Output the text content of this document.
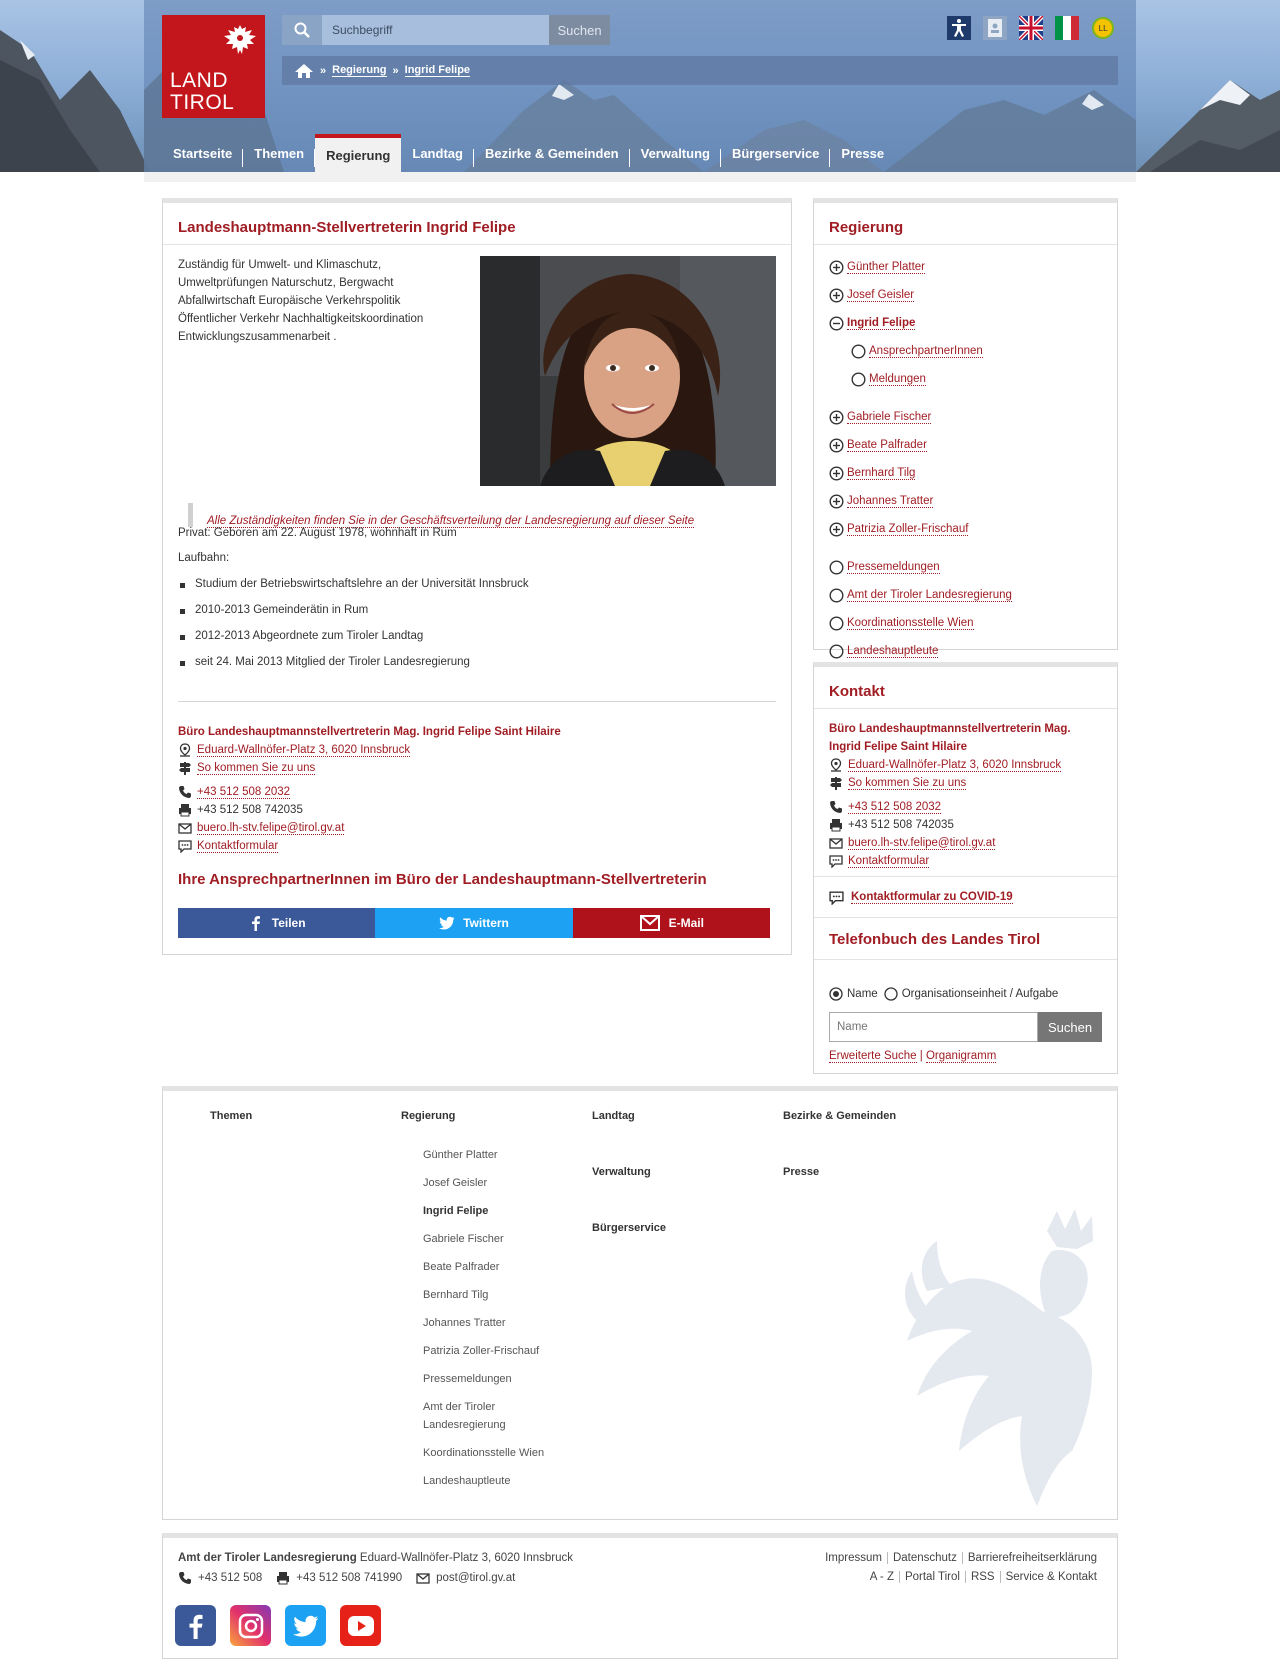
LAND
TIROL
Suchbegriff
Suchen	LL
» Regierung » Ingrid Felipe
Startseite	Themen	Regierung	Landtag	Bezirke & Gemeinden	Verwaltung	Bürgerservice	Presse
Landeshauptmann-Stellvertreterin Ingrid Felipe

Zuständig für Umwelt- und Klimaschutz, Umweltprüfungen Naturschutz, Bergwacht Abfallwirtschaft Europäische Verkehrspolitik Öffentlicher Verkehr Nachhaltigkeitskoordination Entwicklungszusammenarbeit .

Alle Zuständigkeiten finden Sie in der Geschäftsverteilung der Landesregierung auf dieser Seite

Privat: Geboren am 22. August 1978, wohnhaft in Rum

Laufbahn:

Studium der Betriebswirtschaftslehre an der Universität Innsbruck
2010-2013 Gemeinderätin in Rum
2012-2013 Abgeordnete zum Tiroler Landtag
seit 24. Mai 2013 Mitglied der Tiroler Landesregierung
Büro Landeshauptmannstellvertreterin Mag. Ingrid Felipe Saint Hilaire
Eduard-Wallnöfer-Platz 3, 6020 Innsbruck
So kommen Sie zu uns
+43 512 508 2032
+43 512 508 742035
buero.lh-stv.felipe@tirol.gv.at
Kontaktformular
Ihre AnsprechpartnerInnen im Büro der Landeshauptmann-Stellvertreterin
Teilen	Twittern	E-Mail
Regierung
Günther Platter
Josef Geisler
Ingrid Felipe
AnsprechpartnerInnen
Meldungen
Gabriele Fischer
Beate Palfrader
Bernhard Tilg
Johannes Tratter
Patrizia Zoller-Frischauf
Pressemeldungen
Amt der Tiroler Landesregierung
Koordinationsstelle Wien
Landeshauptleute
Kontakt
Büro Landeshauptmannstellvertreterin Mag. Ingrid Felipe Saint Hilaire
Eduard-Wallnöfer-Platz 3, 6020 Innsbruck
So kommen Sie zu uns
+43 512 508 2032
+43 512 508 742035
buero.lh-stv.felipe@tirol.gv.at
Kontaktformular
Kontaktformular zu COVID-19
Telefonbuch des Landes Tirol
Name Organisationseinheit / Aufgabe
Name
Suchen
Erweiterte Suche | Organigramm
Themen	Regierung
Günther Platter
Josef Geisler
Ingrid Felipe
Gabriele Fischer
Beate Palfrader
Bernhard Tilg
Johannes Tratter
Patrizia Zoller-Frischauf
Pressemeldungen
Amt der Tiroler Landesregierung
Koordinationsstelle Wien
Landeshauptleute
Landtag
Verwaltung
Bürgerservice
Bezirke & Gemeinden
Presse
Amt der Tiroler Landesregierung Eduard-Wallnöfer-Platz 3, 6020 Innsbruck
+43 512 508	+43 512 508 741990	post@tirol.gv.at
Impressum Datenschutz Barrierefreiheitserklärung
A - Z Portal Tirol RSS Service & Kontakt
